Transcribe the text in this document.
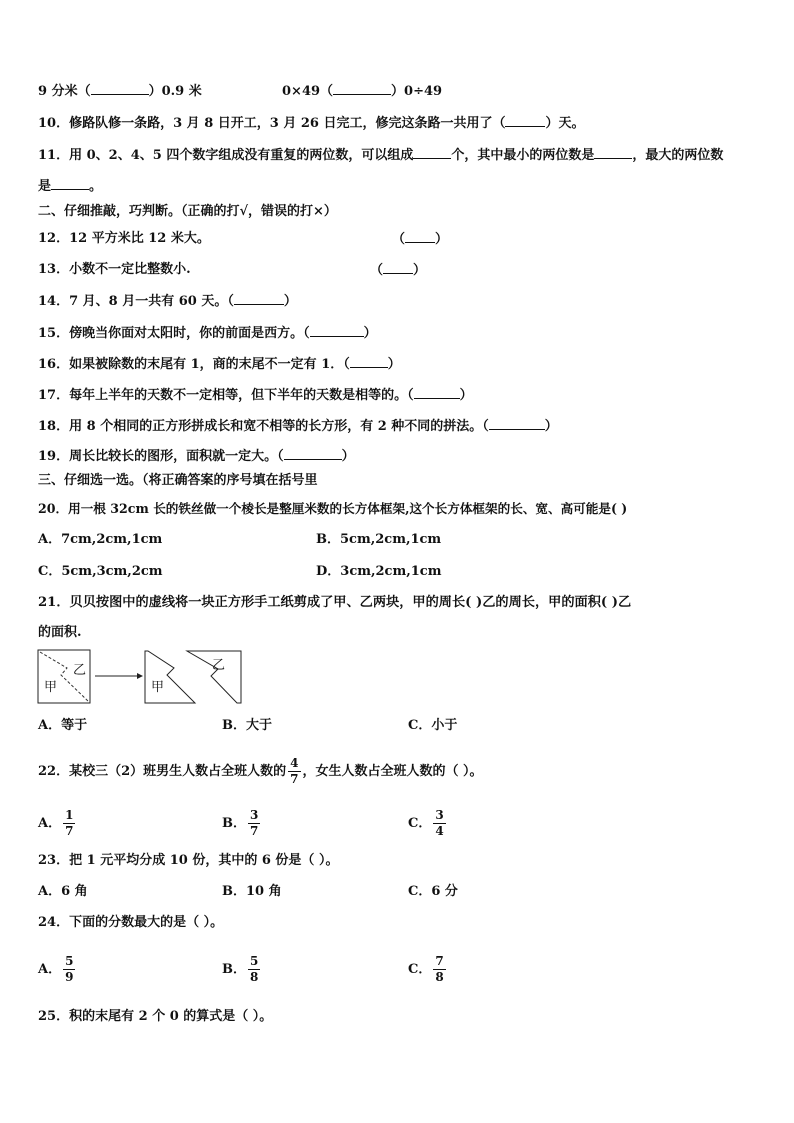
9 分米（	）0.9 米	0×49（	）0÷49
10．修路队修一条路，3 月 8 日开工，3 月 26 日完工，修完这条路一共用了（	）天。
11．用 0、2、4、5 四个数字组成没有重复的两位数，可以组成	个，其中最小的两位数是	，最大的两位数
是	。
二、仔细推敲，巧判断。（正确的打√，错误的打×）
12．12 平方米比 12 米大。	（ ）
13．小数不一定比整数小.	（ ）
14．7 月、8 月一共有 60 天。（	）
15．傍晚当你面对太阳时，你的前面是西方。（	）
16．如果被除数的末尾有 1，商的末尾不一定有 1．（	）
17．每年上半年的天数不一定相等，但下半年的天数是相等的。（	）
18．用 8 个相同的正方形拼成长和宽不相等的长方形，有 2 种不同的拼法。（	）
19．周长比较长的图形，面积就一定大。（	）
三、仔细选一选。（将正确答案的序号填在括号里
20．用一根 32cm 长的铁丝做一个棱长是整厘米数的长方体框架,这个长方体框架的长、宽、高可能是( )
A．7cm,2cm,1cm	B．5cm,2cm,1cm
C．5cm,3cm,2cm	D．3cm,2cm,1cm
21．贝贝按图中的虚线将一块正方形手工纸剪成了甲、乙两块，甲的周长( )乙的周长，甲的面积( )乙
的面积.
乙
甲	甲
乙
A．等于	B．大于	C．小于
22．某校三（2）班男生人数占全班人数的 $\frac{4}{7}$ ，女生人数占全班人数的（ ）。
A． $\frac{1}{7}$	B． $\frac{3}{7}$	C． $\frac{3}{4}$
23．把 1 元平均分成 10 份，其中的 6 份是（ ）。
A．6 角	B．10 角	C．6 分
24．下面的分数最大的是（ ）。
A． $\frac{5}{9}$	B． $\frac{5}{8}$	C． $\frac{7}{8}$
25．积的末尾有 2 个 0 的算式是（ ）。
